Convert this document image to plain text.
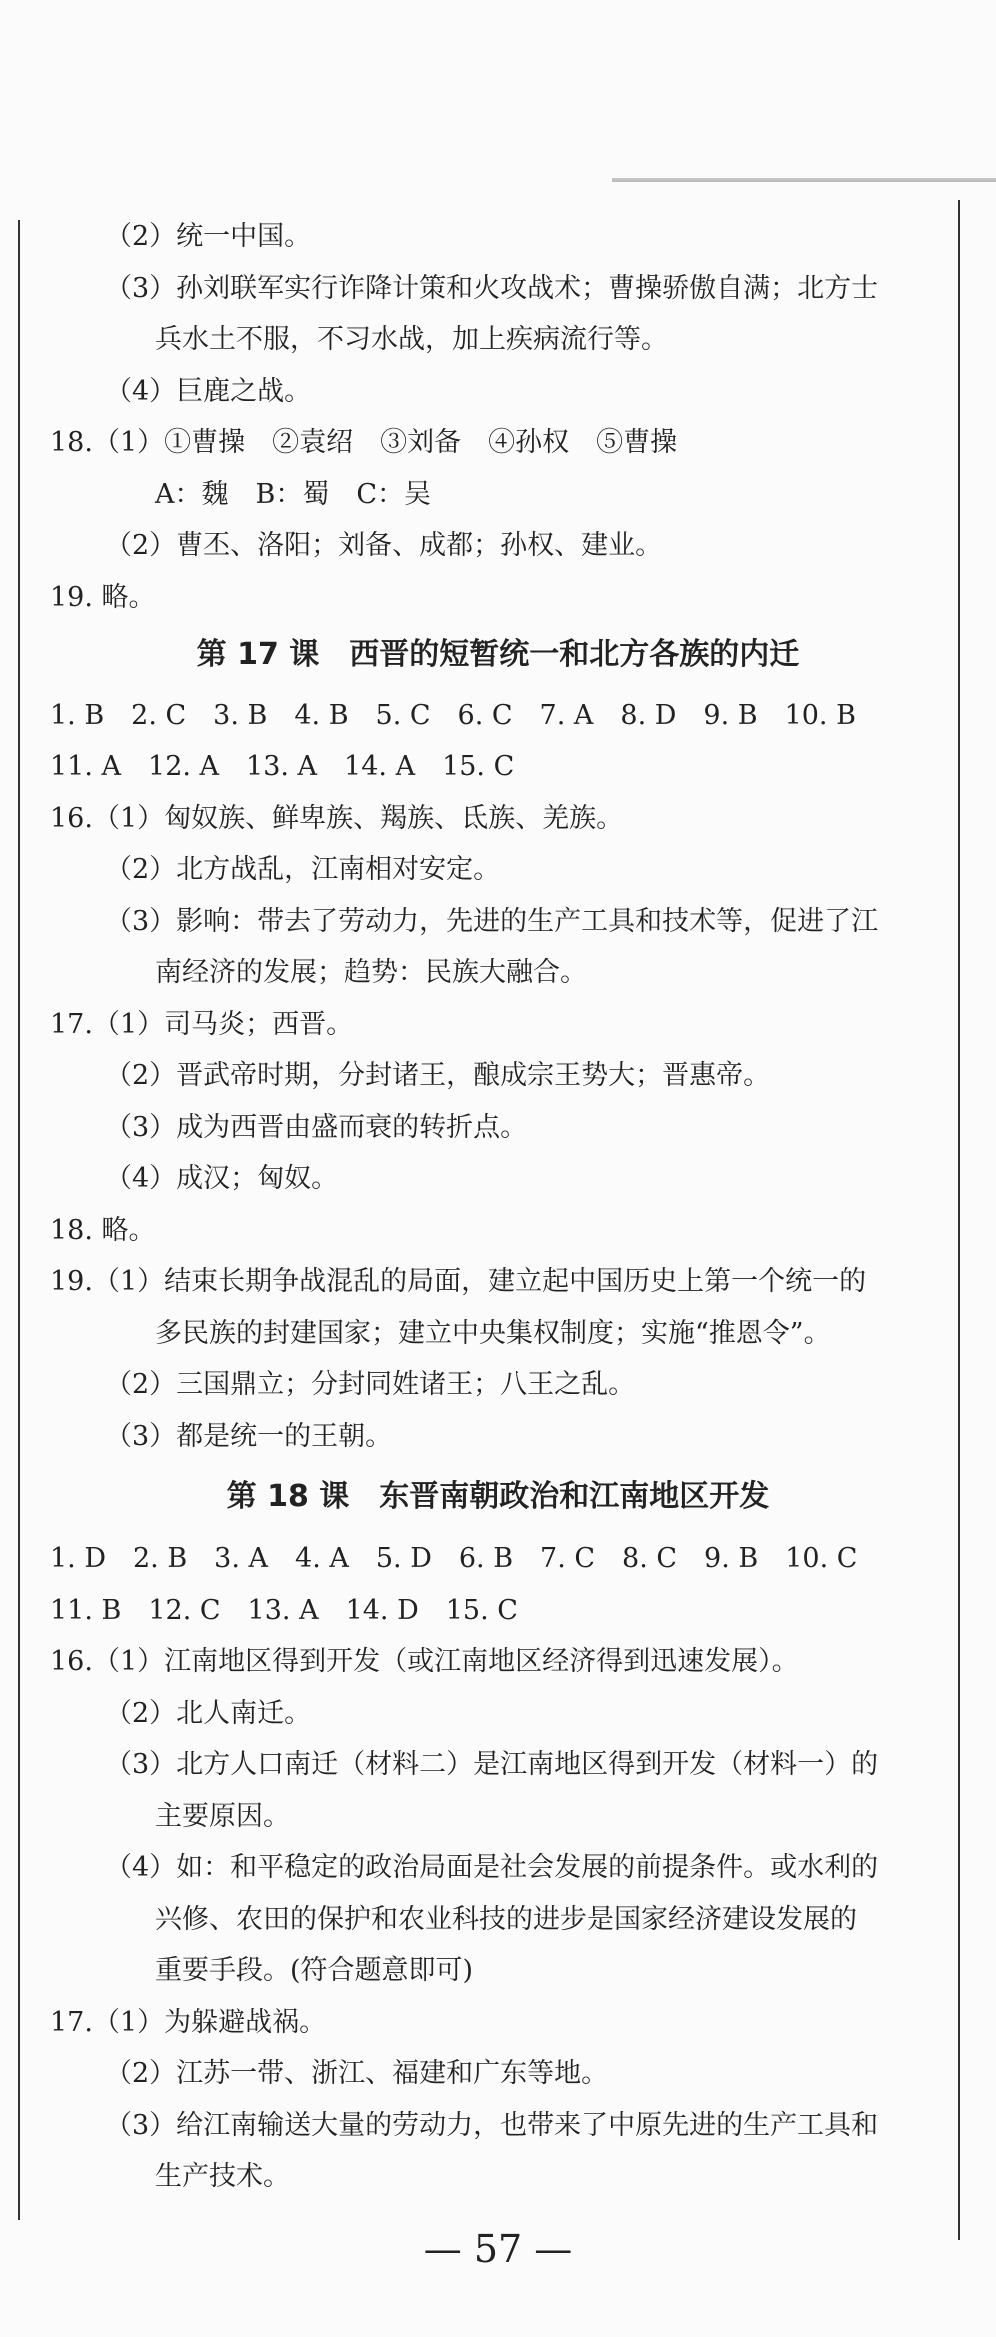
（2）统一中国。
（3）孙刘联军实行诈降计策和火攻战术；曹操骄傲自满；北方士
兵水土不服，不习水战，加上疾病流行等。
（4）巨鹿之战。
18.（1）①曹操　②袁绍　③刘备　④孙权　⑤曹操
A：魏　B：蜀　C：吴
（2）曹丕、洛阳；刘备、成都；孙权、建业。
19. 略。
第 17 课　西晋的短暂统一和北方各族的内迁
1. B　2. C　3. B　4. B　5. C　6. C　7. A　8. D　9. B　10. B
11. A　12. A　13. A　14. A　15. C
16.（1）匈奴族、鲜卑族、羯族、氐族、羌族。
（2）北方战乱，江南相对安定。
（3）影响：带去了劳动力，先进的生产工具和技术等，促进了江
南经济的发展；趋势：民族大融合。
17.（1）司马炎；西晋。
（2）晋武帝时期，分封诸王，酿成宗王势大；晋惠帝。
（3）成为西晋由盛而衰的转折点。
（4）成汉；匈奴。
18. 略。
19.（1）结束长期争战混乱的局面，建立起中国历史上第一个统一的
多民族的封建国家；建立中央集权制度；实施“推恩令”。
（2）三国鼎立；分封同姓诸王；八王之乱。
（3）都是统一的王朝。
第 18 课　东晋南朝政治和江南地区开发
1. D　2. B　3. A　4. A　5. D　6. B　7. C　8. C　9. B　10. C
11. B　12. C　13. A　14. D　15. C
16.（1）江南地区得到开发（或江南地区经济得到迅速发展）。
（2）北人南迁。
（3）北方人口南迁（材料二）是江南地区得到开发（材料一）的
主要原因。
（4）如：和平稳定的政治局面是社会发展的前提条件。或水利的
兴修、农田的保护和农业科技的进步是国家经济建设发展的
重要手段。(符合题意即可)
17.（1）为躲避战祸。
（2）江苏一带、浙江、福建和广东等地。
（3）给江南输送大量的劳动力，也带来了中原先进的生产工具和
生产技术。
— 57 —
